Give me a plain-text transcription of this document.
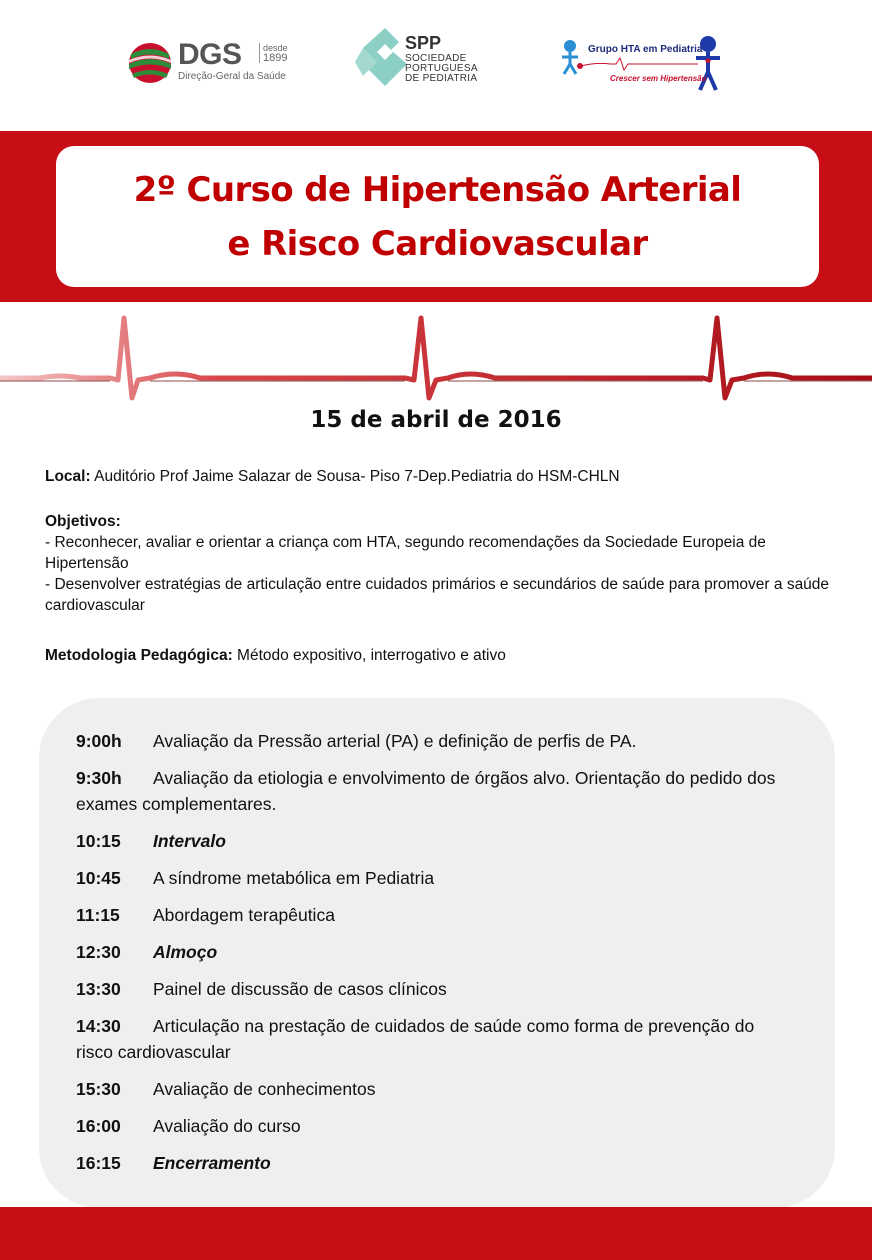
DGS desde
1899
Direção-Geral da Saúde
SPP
SOCIEDADE
PORTUGUESA
DE PEDIATRIA
Grupo HTA em Pediatria
Crescer sem Hipertensão
2º Curso de Hipertensão Arterial
e Risco Cardiovascular
15 de abril de 2016
Local: Auditório Prof Jaime Salazar de Sousa- Piso 7-Dep.Pediatria do HSM-CHLN
Objetivos:
- Reconhecer, avaliar e orientar a criança com HTA, segundo recomendações da Sociedade Europeia de Hipertensão
- Desenvolver estratégias de articulação entre cuidados primários e secundários de saúde para promover a saúde cardiovascular
Metodologia Pedagógica: Método expositivo, interrogativo e ativo
9:00h Avaliação da Pressão arterial (PA) e definição de perfis de PA.
9:30h Avaliação da etiologia e envolvimento de órgãos alvo. Orientação do pedido dos exames complementares.
10:15 Intervalo
10:45 A síndrome metabólica em Pediatria
11:15 Abordagem terapêutica
12:30 Almoço
13:30 Painel de discussão de casos clínicos
14:30 Articulação na prestação de cuidados de saúde como forma de prevenção do risco cardiovascular
15:30 Avaliação de conhecimentos
16:00 Avaliação do curso
16:15 Encerramento
